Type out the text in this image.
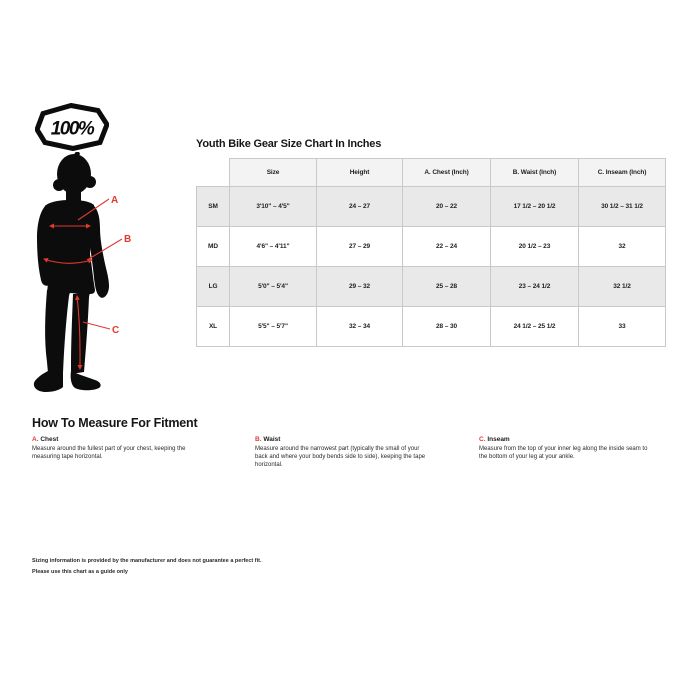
100%
A
B
C
Youth Bike Gear Size Chart In Inches
	Size	Height	A. Chest (Inch)	B. Waist (Inch)	C. Inseam (Inch)
SM	3'10" – 4'5"	24 – 27	20 – 22	17 1/2 – 20 1/2	30 1/2 – 31 1/2
MD	4'6" – 4'11"	27 – 29	22 – 24	20 1/2 – 23	32
LG	5'0" – 5'4"	29 – 32	25 – 28	23 – 24 1/2	32 1/2
XL	5'5" – 5'7"	32 – 34	28 – 30	24 1/2 – 25 1/2	33
How To Measure For Fitment
A. Chest

Measure around the fullest part of your chest, keeping the measuring tape horizontal.

B. Waist

Measure around the narrowest part (typically the small of your back and where your body bends side to side), keeping the tape horizontal.

C. Inseam

Measure from the top of your inner leg along the inside seam to the bottom of your leg at your ankle.

Sizing information is provided by the manufacturer and does not guarantee a perfect fit.
Please use this chart as a guide only
